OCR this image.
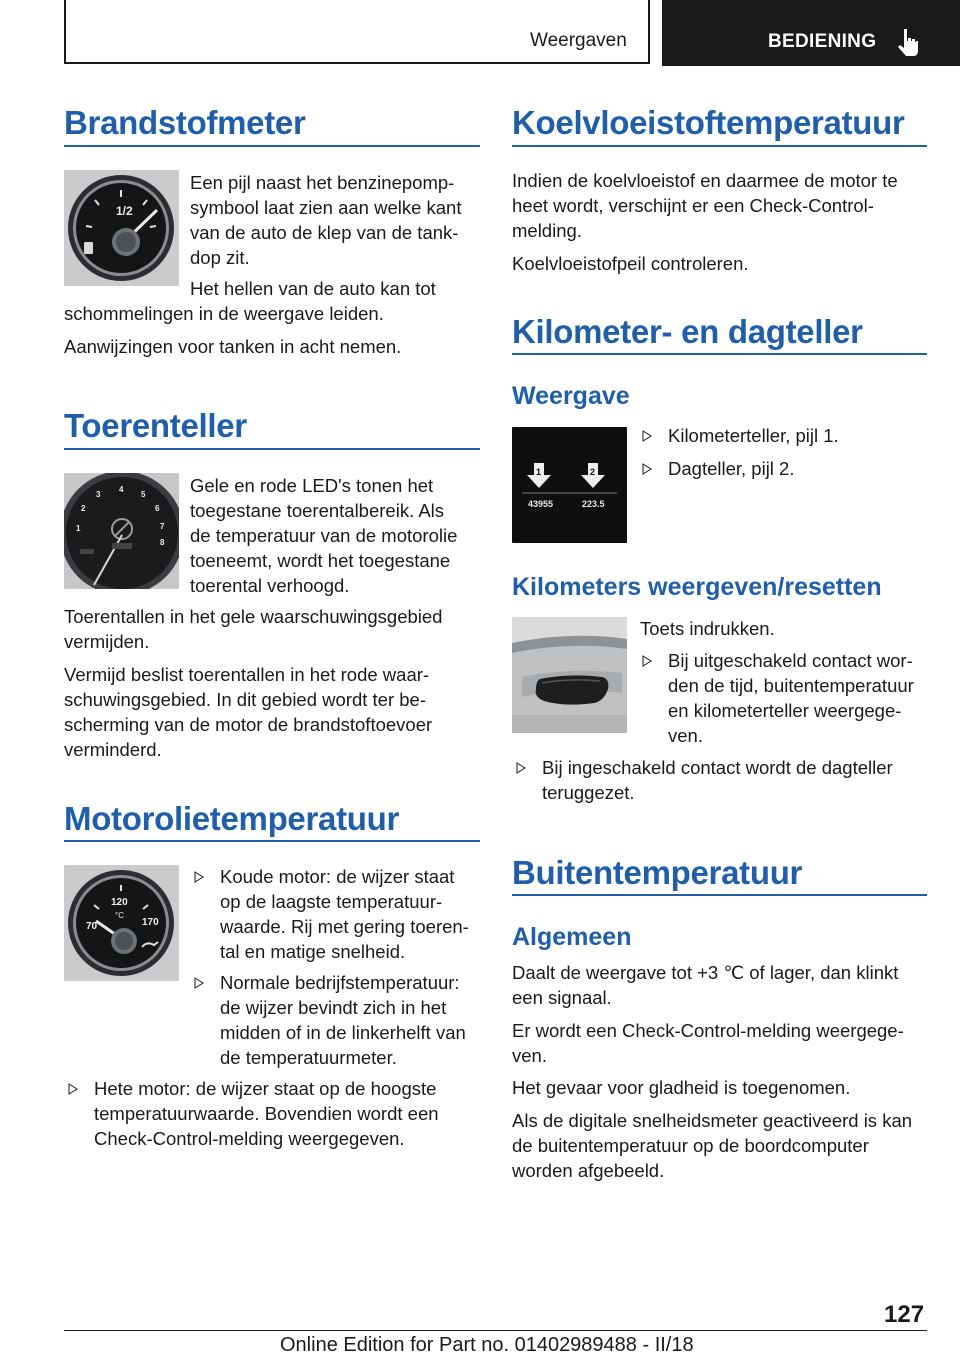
Weergaven	BEDIENING
Brandstofmeter
1/2
Een pijl naast het benzinepomp-
symbool laat zien aan welke kant
van de auto de klep van de tank-
dop zit.
Het hellen van de auto kan tot
schommelingen in de weergave leiden.
Aanwijzingen voor tanken in acht nemen.
Toerenteller
1
2
3
4
5
6
7
8
Gele en rode LED's tonen het
toegestane toerentalbereik. Als
de temperatuur van de motorolie
toeneemt, wordt het toegestane
toerental verhoogd.
Toerentallen in het gele waarschuwingsgebied
vermijden.
Vermijd beslist toerentallen in het rode waar-
schuwingsgebied. In dit gebied wordt ter be-
scherming van de motor de brandstoftoevoer
verminderd.
Motorolietemperatuur
70
120
°C
170
Koude motor: de wijzer staat
op de laagste temperatuur-
waarde. Rij met gering toeren-
tal en matige snelheid.
Normale bedrijfstemperatuur:
de wijzer bevindt zich in het
midden of in de linkerhelft van
de temperatuurmeter.
Hete motor: de wijzer staat op de hoogste
temperatuurwaarde. Bovendien wordt een
Check-Control-melding weergegeven.
Koelvloeistoftemperatuur
Indien de koelvloeistof en daarmee de motor te
heet wordt, verschijnt er een Check-Control-
melding.
Koelvloeistofpeil controleren.
Kilometer- en dagteller
Weergave
1	2
43955	223.5
Kilometerteller, pijl 1.
Dagteller, pijl 2.
Kilometers weergeven/resetten
Toets indrukken.
Bij uitgeschakeld contact wor-
den de tijd, buitentemperatuur
en kilometerteller weergege-
ven.
Bij ingeschakeld contact wordt de dagteller
teruggezet.
Buitentemperatuur
Algemeen
Daalt de weergave tot +3 ℃ of lager, dan klinkt
een signaal.
Er wordt een Check-Control-melding weergege-
ven.
Het gevaar voor gladheid is toegenomen.
Als de digitale snelheidsmeter geactiveerd is kan
de buitentemperatuur op de boordcomputer
worden afgebeeld.
127
Online Edition for Part no. 01402989488 - II/18
